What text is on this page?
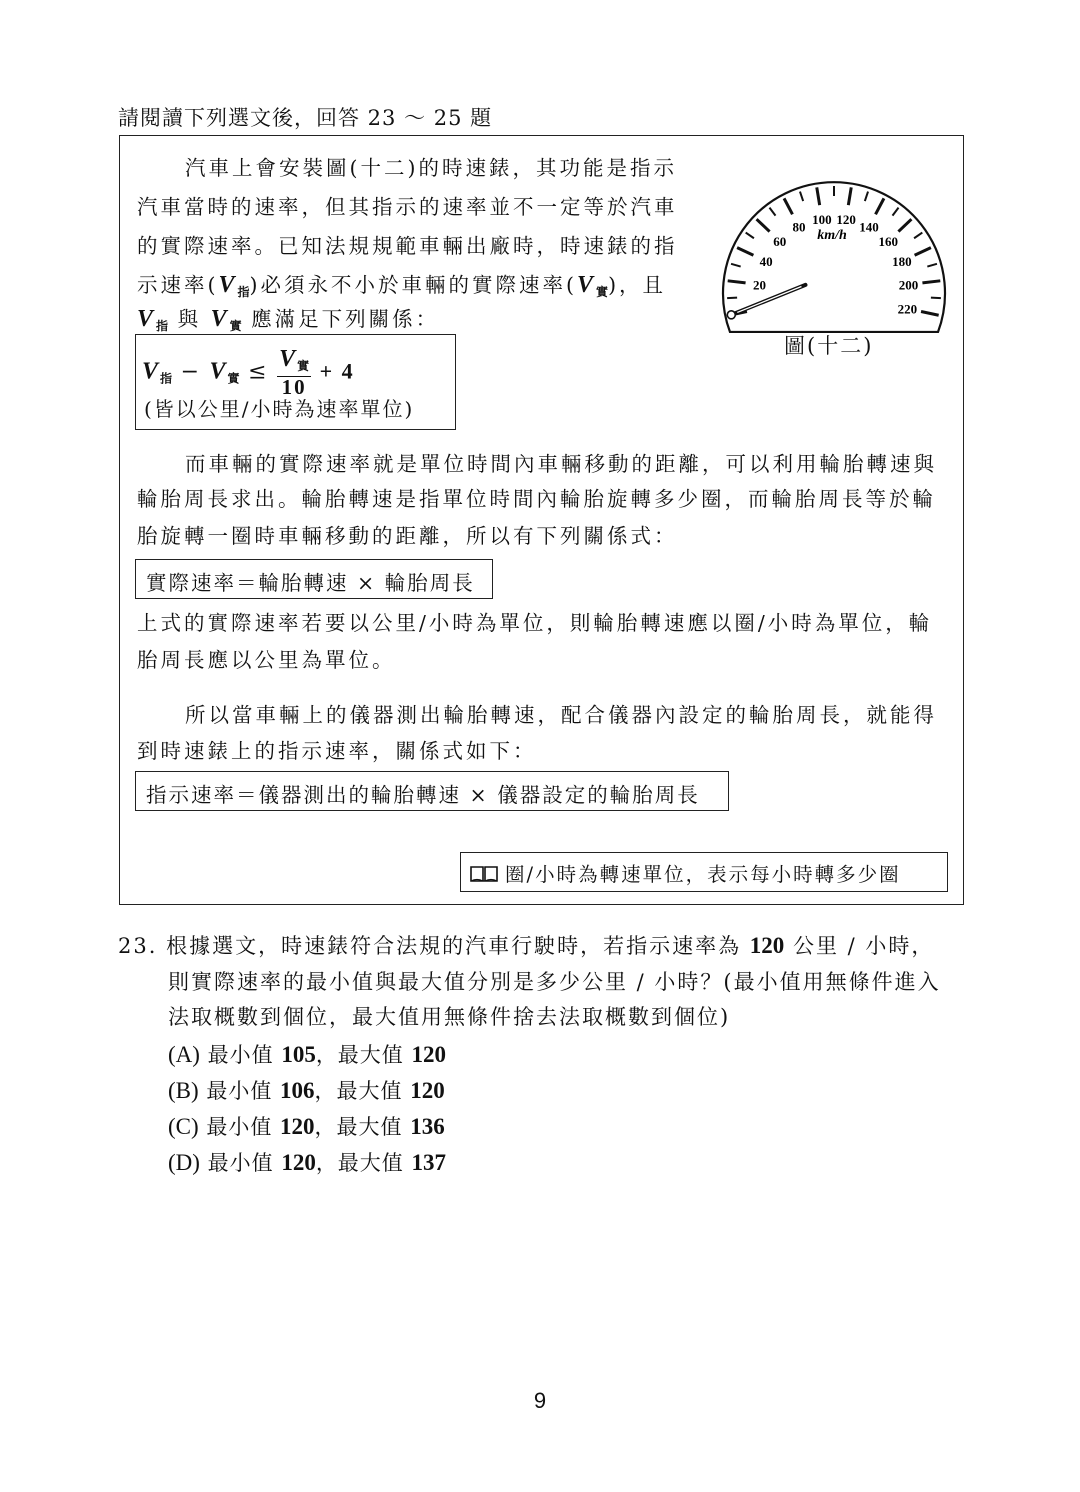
請閱讀下列選文後，回答 23 ～ 25 題
汽車上會安裝圖(十二)的時速錶，其功能是指示
汽車當時的速率，但其指示的速率並不一定等於汽車
的實際速率。已知法規規範車輛出廠時，時速錶的指
示速率$(V_指)$必須永不小於車輛的實際速率$(V_實)$，且
$V_指$ 與 $V_實$ 應滿足下列關係：
$V_指 - V_實 \le V_實$
10
+ 4
(皆以公里/小時為速率單位)
而車輛的實際速率就是單位時間內車輛移動的距離，可以利用輪胎轉速與
輪胎周長求出。輪胎轉速是指單位時間內輪胎旋轉多少圈，而輪胎周長等於輪
胎旋轉一圈時車輛移動的距離，所以有下列關係式：
實際速率＝輪胎轉速 × 輪胎周長
上式的實際速率若要以公里/小時為單位，則輪胎轉速應以圈/小時為單位，輪
胎周長應以公里為單位。
所以當車輛上的儀器測出輪胎轉速，配合儀器內設定的輪胎周長，就能得
到時速錶上的指示速率，關係式如下：
指示速率＝儀器測出的輪胎轉速 × 儀器設定的輪胎周長
圈/小時為轉速單位，表示每小時轉多少圈
20
40
60
80
100 120
140
160
180
200
220
km/h
圖(十二)
23. 根據選文，時速錶符合法規的汽車行駛時，若指示速率為 120 公里 / 小時，
則實際速率的最小值與最大值分別是多少公里 / 小時？(最小值用無條件進入
法取概數到個位，最大值用無條件捨去法取概數到個位)
(A) 最小值 105，最大值 120
(B) 最小值 106，最大值 120
(C) 最小值 120，最大值 136
(D) 最小值 120，最大值 137
9
